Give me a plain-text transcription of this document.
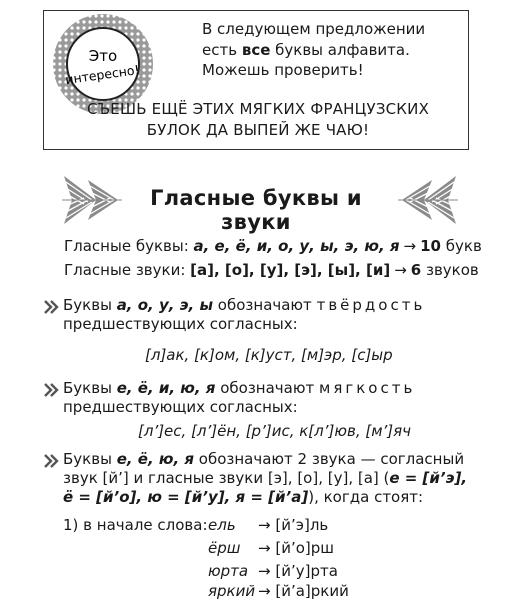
Это
интересно!
В следующем предложении есть все буквы алфавита. Можешь проверить!
СЪЕШЬ ЕЩЁ ЭТИХ МЯГКИХ ФРАНЦУЗСКИХ
БУЛОК ДА ВЫПЕЙ ЖЕ ЧАЮ!
Гласные буквы и звуки
Гласные буквы: а, е, ё, и, о, у, ы, э, ю, я → 10 букв
Гласные звуки: [а], [о], [у], [э], [ы], [и] → 6 звуков
Буквы а, о, у, э, ы обозначают твёрдость предшествующих согласных:
[л]ак, [к]ом, [к]уст, [м]эр, [с]ыр
Буквы е, ё, и, ю, я обозначают мягкость предшествующих согласных:
[л’]ес, [л’]ён, [р’]ис, к[л’]юв, [м’]яч
Буквы е, ё, ю, я обозначают 2 звука — согласный звук [й’] и гласные звуки [э], [о], [у], [а] (е = [й’э], ё = [й’о], ю = [й’у], я = [й’а]), когда стоят:
1) в начале слова: ель → [й’э]ль
ёрш → [й’о]рш
юрта → [й’у]рта
яркий → [й’а]ркий
